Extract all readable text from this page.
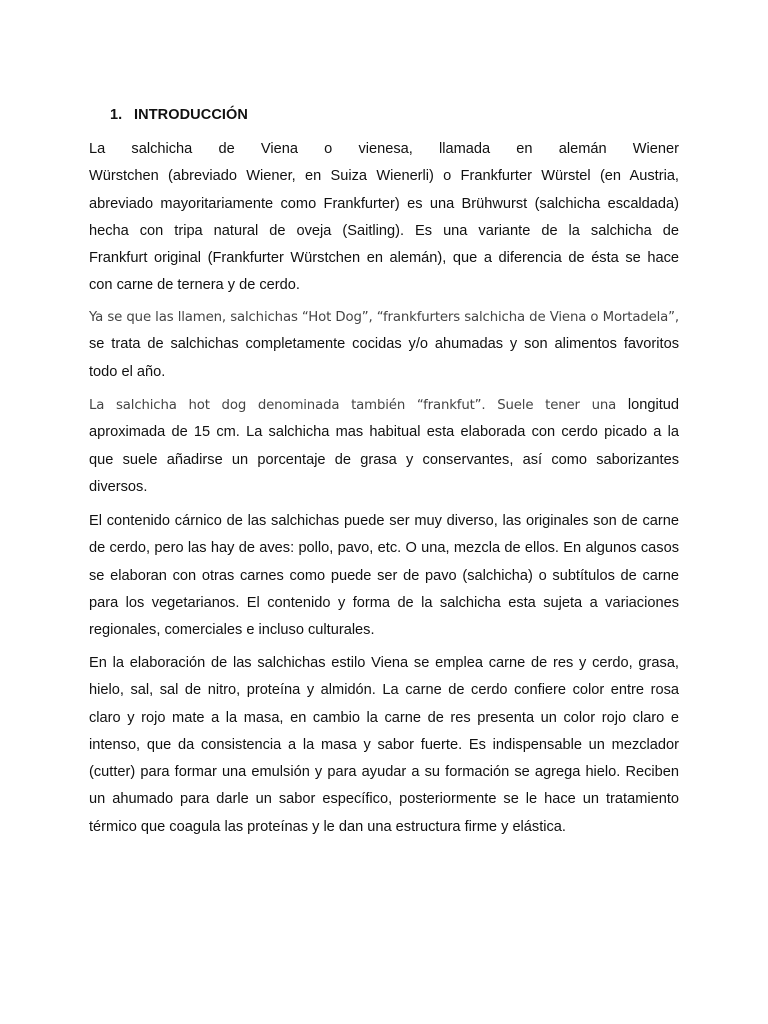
1. INTRODUCCIÓN
La salchicha de Viena o vienesa, llamada en alemán Wiener
Würstchen (abreviado Wiener, en Suiza Wienerli) o Frankfurter Würstel (en Austria,
abreviado mayoritariamente como Frankfurter) es una Brühwurst (salchicha escaldada)
hecha con tripa natural de oveja (Saitling). Es una variante de la salchicha de
Frankfurt original (Frankfurter Würstchen en alemán), que a diferencia de ésta se hace
con carne de ternera y de cerdo.
Ya se que las llamen, salchichas “Hot Dog”, “frankfurters salchicha de Viena o Mortadela”,
se trata de salchichas completamente cocidas y/o ahumadas y son alimentos favoritos
todo el año.
La salchicha hot dog denominada también “frankfut”. Suele tener una longitud
aproximada de 15 cm. La salchicha mas habitual esta elaborada con cerdo picado a la
que suele añadirse un porcentaje de grasa y conservantes, así como saborizantes
diversos.
El contenido cárnico de las salchichas puede ser muy diverso, las originales son de carne
de cerdo, pero las hay de aves: pollo, pavo, etc. O una, mezcla de ellos. En algunos casos
se elaboran con otras carnes como puede ser de pavo (salchicha) o subtítulos de carne
para los vegetarianos. El contenido y forma de la salchicha esta sujeta a variaciones
regionales, comerciales e incluso culturales.
En la elaboración de las salchichas estilo Viena se emplea carne de res y cerdo, grasa,
hielo, sal, sal de nitro, proteína y almidón. La carne de cerdo confiere color entre rosa
claro y rojo mate a la masa, en cambio la carne de res presenta un color rojo claro e
intenso, que da consistencia a la masa y sabor fuerte. Es indispensable un mezclador
(cutter) para formar una emulsión y para ayudar a su formación se agrega hielo. Reciben
un ahumado para darle un sabor específico, posteriormente se le hace un tratamiento
térmico que coagula las proteínas y le dan una estructura firme y elástica.
